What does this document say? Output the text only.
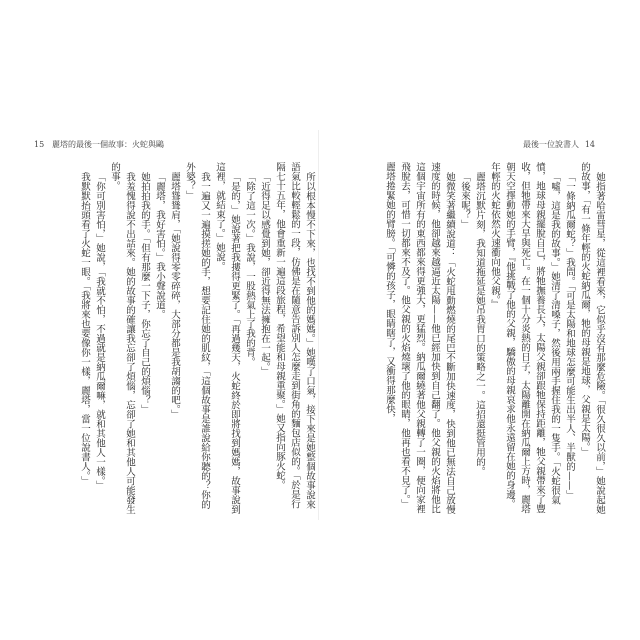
15 麗塔的最後一個故事：火蛇與鷗

所以根本慢不下來，也找不到他的媽媽。」她嘆了口氣，接下來是她整個故事說來語氣比較輕鬆的一段，仿佛是在隨意告訴別人怎麼走到街角的麵包店似的。「於是行隔七十五年，他會重新一遍這段旅程，希望能和母親重聚。」她又指向豚火蛇。

「近得足以感覺到她，卻近得無法擁抱在一起。」

「除了這一次。」我說，一股熱氣上了我的背。

「是的，」她說著把我摟得更緊了。「再過幾天，火蛇終於即將找到媽媽，故事說到這裡，就結束了。」她說。

我一遍又一遍摸搓她的手，想要記住她的肌紋，「這個故事是誰說給你聽的？你的外婆？」

麗塔聳聳肩，「她說得零零碎碎，大部分都是我胡謅的吧。」

「麗塔，我好害怕。」我小聲說道。

她拍拍我的手。「但有那麼一下子，你忘了自己的煩惱？」

我羞愧得說不出話來。她的故事的確讓我忘卻了煩惱，忘卻了她和其他人可能發生的事。

「你可別害怕，」她說，「我就不怕，不過就是納瓜爾嘛，就和其他人一樣。」

我默默抬頭看了火蛇一眼。「我將來也要像你一樣，麗塔，當一位說書人。」

最後一位說書人 14

她指著哈雷彗星，從這裡看來，它似乎沒有那麼危險。「很久很久以前，」她說起她的故事，「有一條年輕的火蛇納瓜爾，牠的母親是地球，父親是太陽。」

「一條納瓜爾蛇？」我問。「可是太陽和地球怎麼可能生出半人、半獸的——」

「噓，這是我的故事。」她清了清嗓子，然後用兩手握住我的一隻手。「火蛇很氣憤，地球母親擺脫自己，將牠撫養長大，太陽父親卻跟牠保持距離，牠父親帶來了豐收，但牠帶來大旱與死亡。在一個十分炎熱的日子，太陽離開在納瓜爾上方時，麗塔朝天空擇動她的手臂，『他挑戰了他的父親，驕傲的母親哀求他永遠留在她的身邊。年輕的火蛇依然火速衝向他父親。』

麗塔沉默片刻，我知道拖延是她吊我胃口的策略之一。這招還挺管用的。

「後來呢？」

她微笑著繼續說道：「火蛇甩動燃燒的尾巴不斷加快速度，快到他已無法自己放慢速度的時候，他卻越來越逼近太陽——他已經加快到自己翻了。他父親的火焰將他比這個宇宙所有的東西都來得更強大，更猛烈。納瓜爾繞著他父親轉了一圈，便向家裡飛脫去，可惜一切都來不及了。他父親的火焰燒壞了他的眼睛，他再也看不見了。」麗塔捲緊她的臂膀。「可憐的孩子，眼睛瞎了，又衝得那麼快，
